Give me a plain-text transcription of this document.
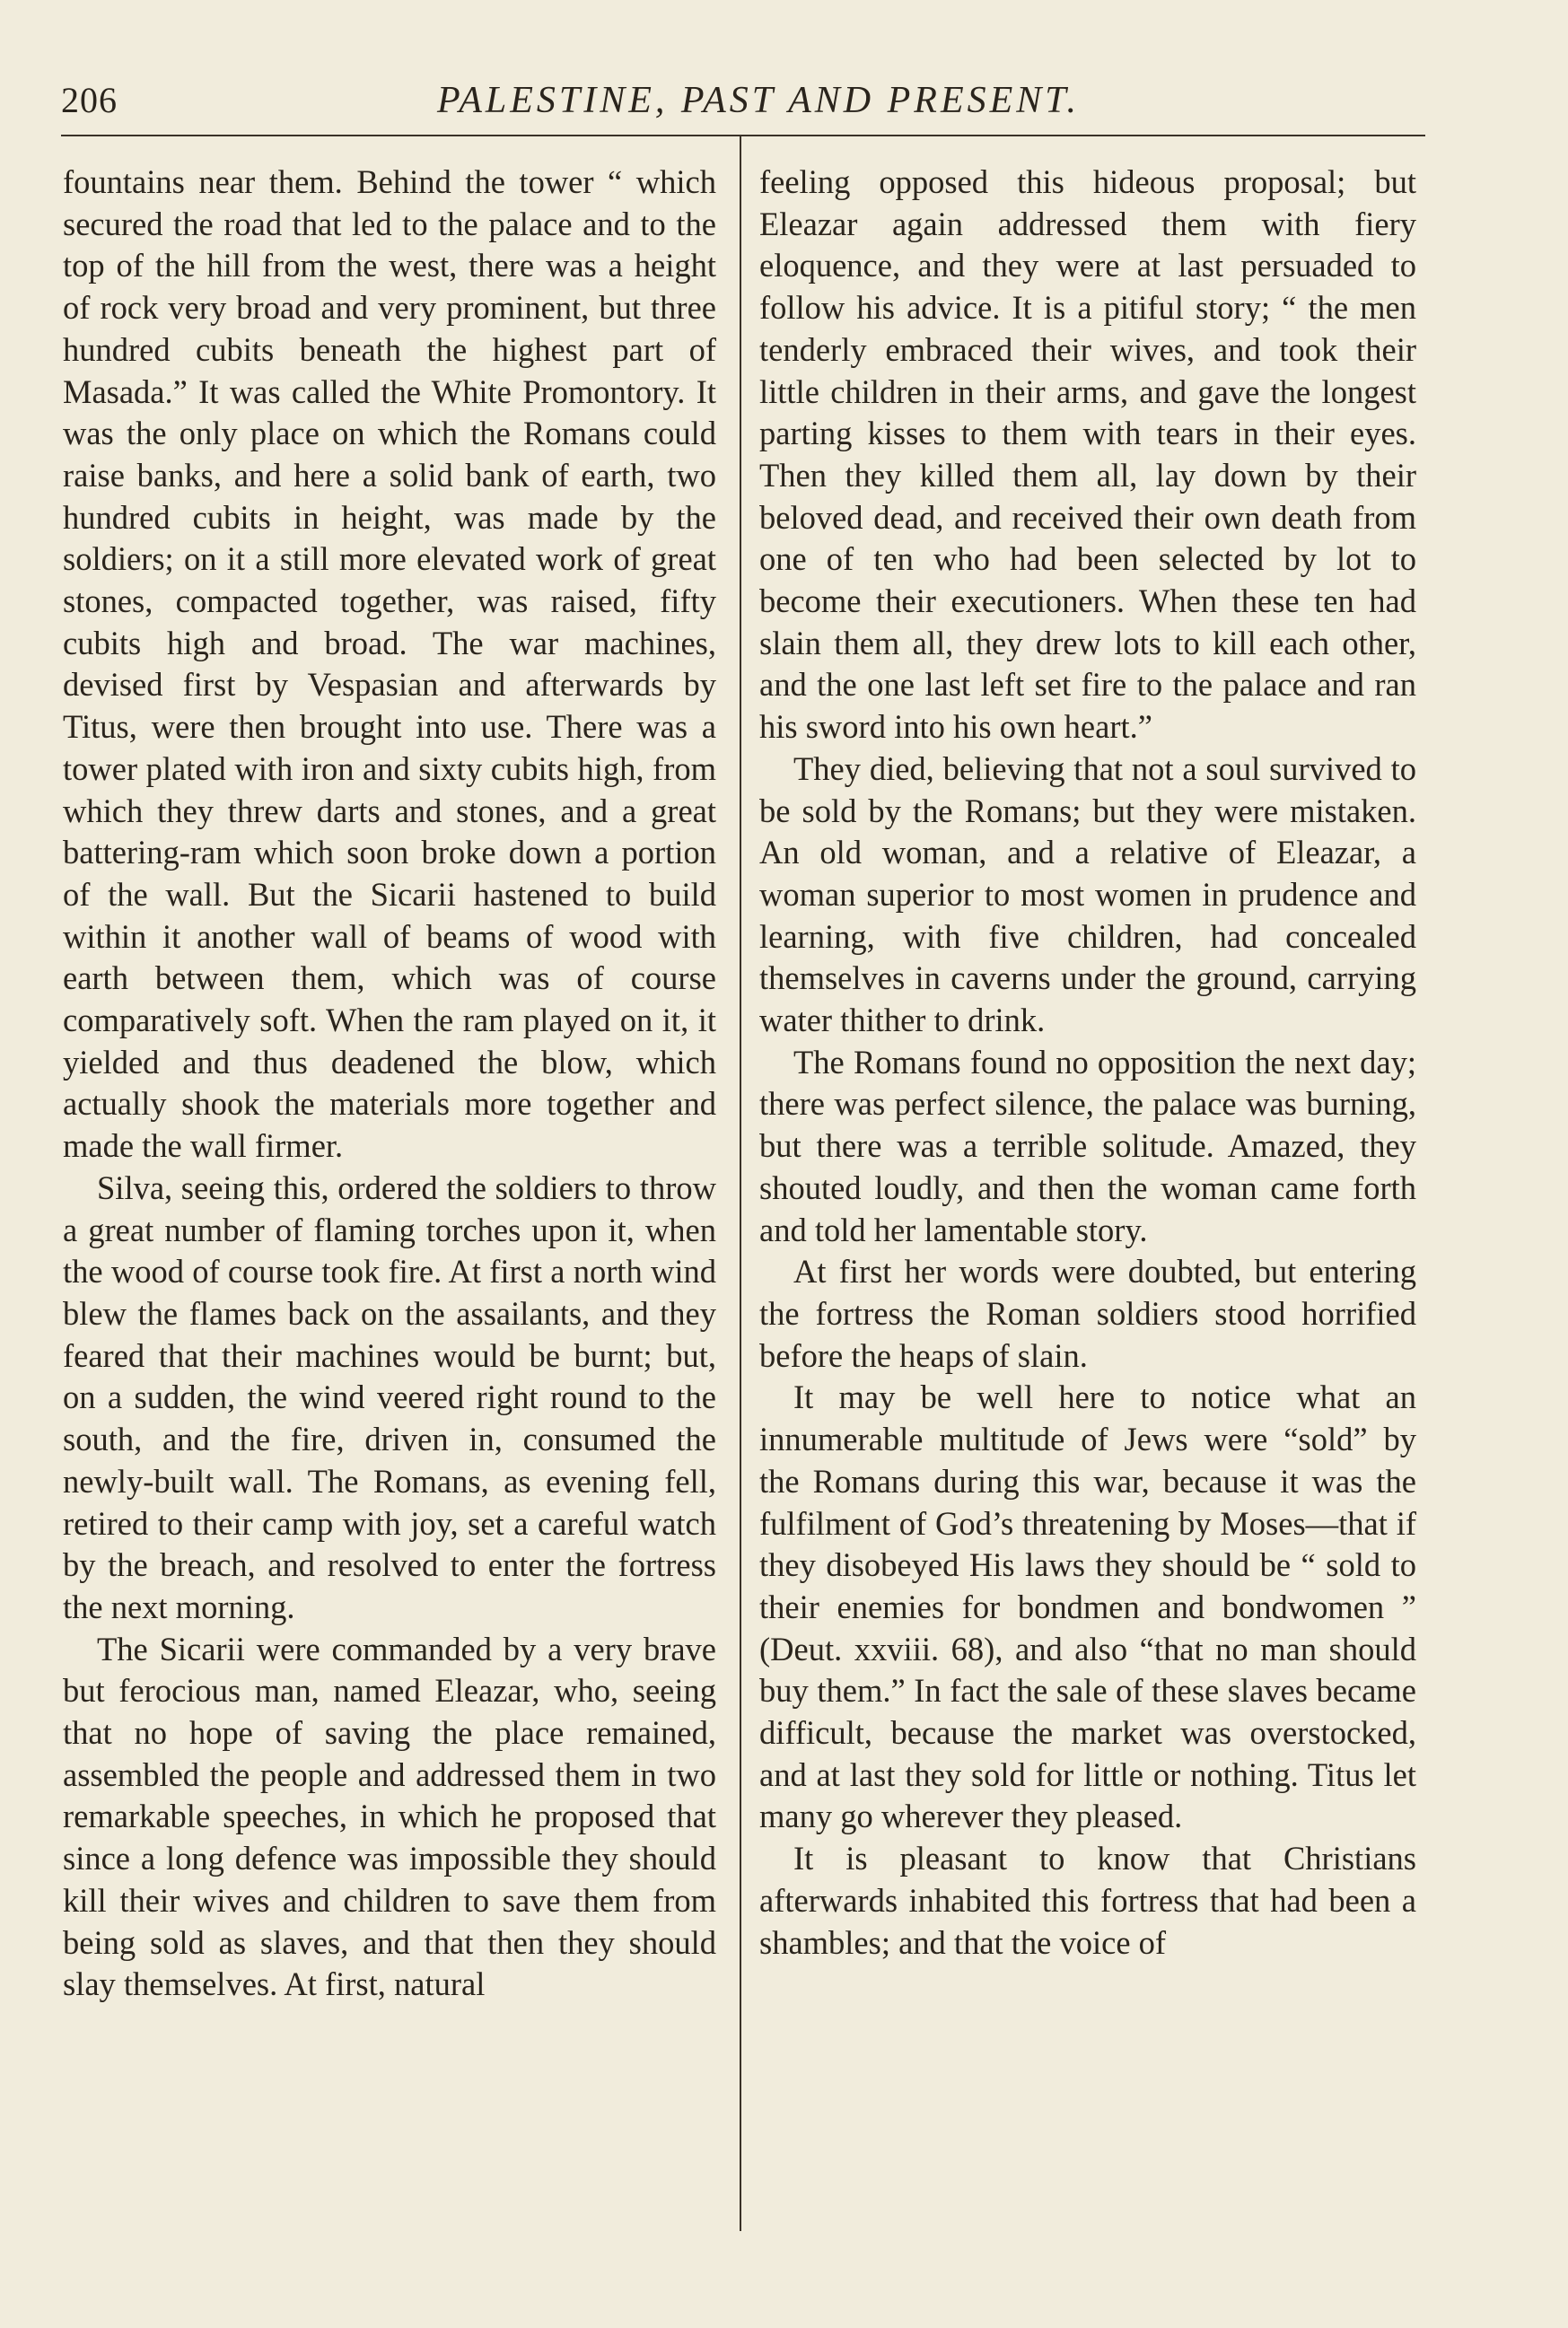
206	PALESTINE, PAST AND PRESENT.

fountains near them. Behind the tower “ which secured the road that led to the palace and to the top of the hill from the west, there was a height of rock very broad and very prominent, but three hundred cubits beneath the highest part of Masada.” It was called the White Promontory. It was the only place on which the Romans could raise banks, and here a solid bank of earth, two hundred cubits in height, was made by the soldiers; on it a still more elevated work of great stones, compacted together, was raised, fifty cubits high and broad. The war machines, devised first by Vespasian and afterwards by Titus, were then brought into use. There was a tower plated with iron and sixty cubits high, from which they threw darts and stones, and a great battering-ram which soon broke down a portion of the wall. But the Sicarii hastened to build within it another wall of beams of wood with earth between them, which was of course comparatively soft. When the ram played on it, it yielded and thus deadened the blow, which actually shook the materials more together and made the wall firmer.

Silva, seeing this, ordered the soldiers to throw a great number of flaming torches upon it, when the wood of course took fire. At first a north wind blew the flames back on the assailants, and they feared that their machines would be burnt; but, on a sudden, the wind veered right round to the south, and the fire, driven in, consumed the newly-built wall. The Romans, as evening fell, retired to their camp with joy, set a careful watch by the breach, and resolved to enter the fortress the next morning.

The Sicarii were commanded by a very brave but ferocious man, named Eleazar, who, seeing that no hope of saving the place remained, assembled the people and addressed them in two remarkable speeches, in which he proposed that since a long defence was impossible they should kill their wives and children to save them from being sold as slaves, and that then they should slay themselves. At first, natural

feeling opposed this hideous proposal; but Eleazar again addressed them with fiery eloquence, and they were at last persuaded to follow his advice. It is a pitiful story; “ the men tenderly embraced their wives, and took their little children in their arms, and gave the longest parting kisses to them with tears in their eyes. Then they killed them all, lay down by their beloved dead, and received their own death from one of ten who had been selected by lot to become their executioners. When these ten had slain them all, they drew lots to kill each other, and the one last left set fire to the palace and ran his sword into his own heart.”

They died, believing that not a soul survived to be sold by the Romans; but they were mistaken. An old woman, and a relative of Eleazar, a woman superior to most women in prudence and learning, with five children, had concealed themselves in caverns under the ground, carrying water thither to drink.

The Romans found no opposition the next day; there was perfect silence, the palace was burning, but there was a terrible solitude. Amazed, they shouted loudly, and then the woman came forth and told her lamentable story.

At first her words were doubted, but entering the fortress the Roman soldiers stood horrified before the heaps of slain.

It may be well here to notice what an innumerable multitude of Jews were “sold” by the Romans during this war, because it was the fulfilment of God’s threatening by Moses—that if they disobeyed His laws they should be “ sold to their enemies for bondmen and bondwomen ” (Deut. xxviii. 68), and also “that no man should buy them.” In fact the sale of these slaves became difficult, because the market was overstocked, and at last they sold for little or nothing. Titus let many go wherever they pleased.

It is pleasant to know that Christians afterwards inhabited this fortress that had been a shambles; and that the voice of
